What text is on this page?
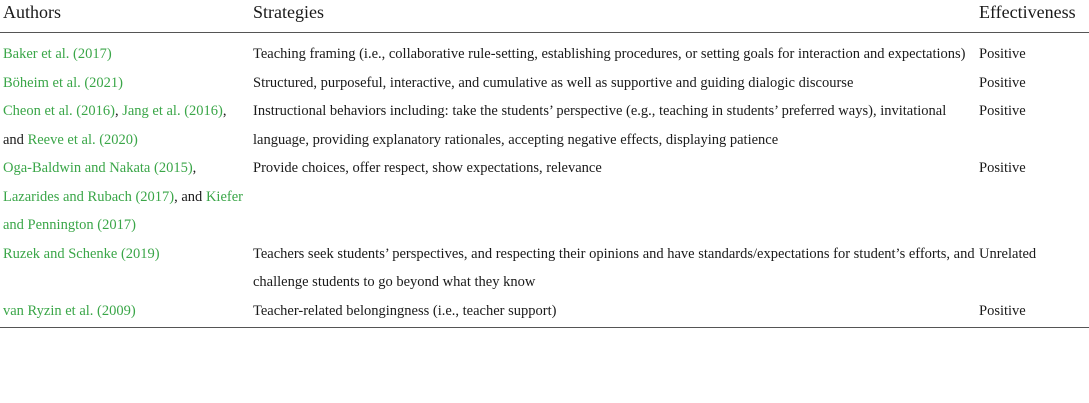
Authors	Strategies	Effectiveness
Baker et al. (2017)	Teaching framing (i.e., collaborative rule-setting, establishing procedures, or setting goals for interaction and expectations)	Positive
Böheim et al. (2021)	Structured, purposeful, interactive, and cumulative as well as supportive and guiding dialogic discourse	Positive
Cheon et al. (2016), Jang et al. (2016), and Reeve et al. (2020)	Instructional behaviors including: take the students’ perspective (e.g., teaching in students’ preferred ways), invitational language, providing explanatory rationales, accepting negative effects, displaying patience	Positive
Oga-Baldwin and Nakata (2015), Lazarides and Rubach (2017), and Kiefer and Pennington (2017)	Provide choices, offer respect, show expectations, relevance	Positive
Ruzek and Schenke (2019)	Teachers seek students’ perspectives, and respecting their opinions and have standards/expectations for student’s efforts, and challenge students to go beyond what they know	Unrelated
van Ryzin et al. (2009)	Teacher-related belongingness (i.e., teacher support)	Positive
